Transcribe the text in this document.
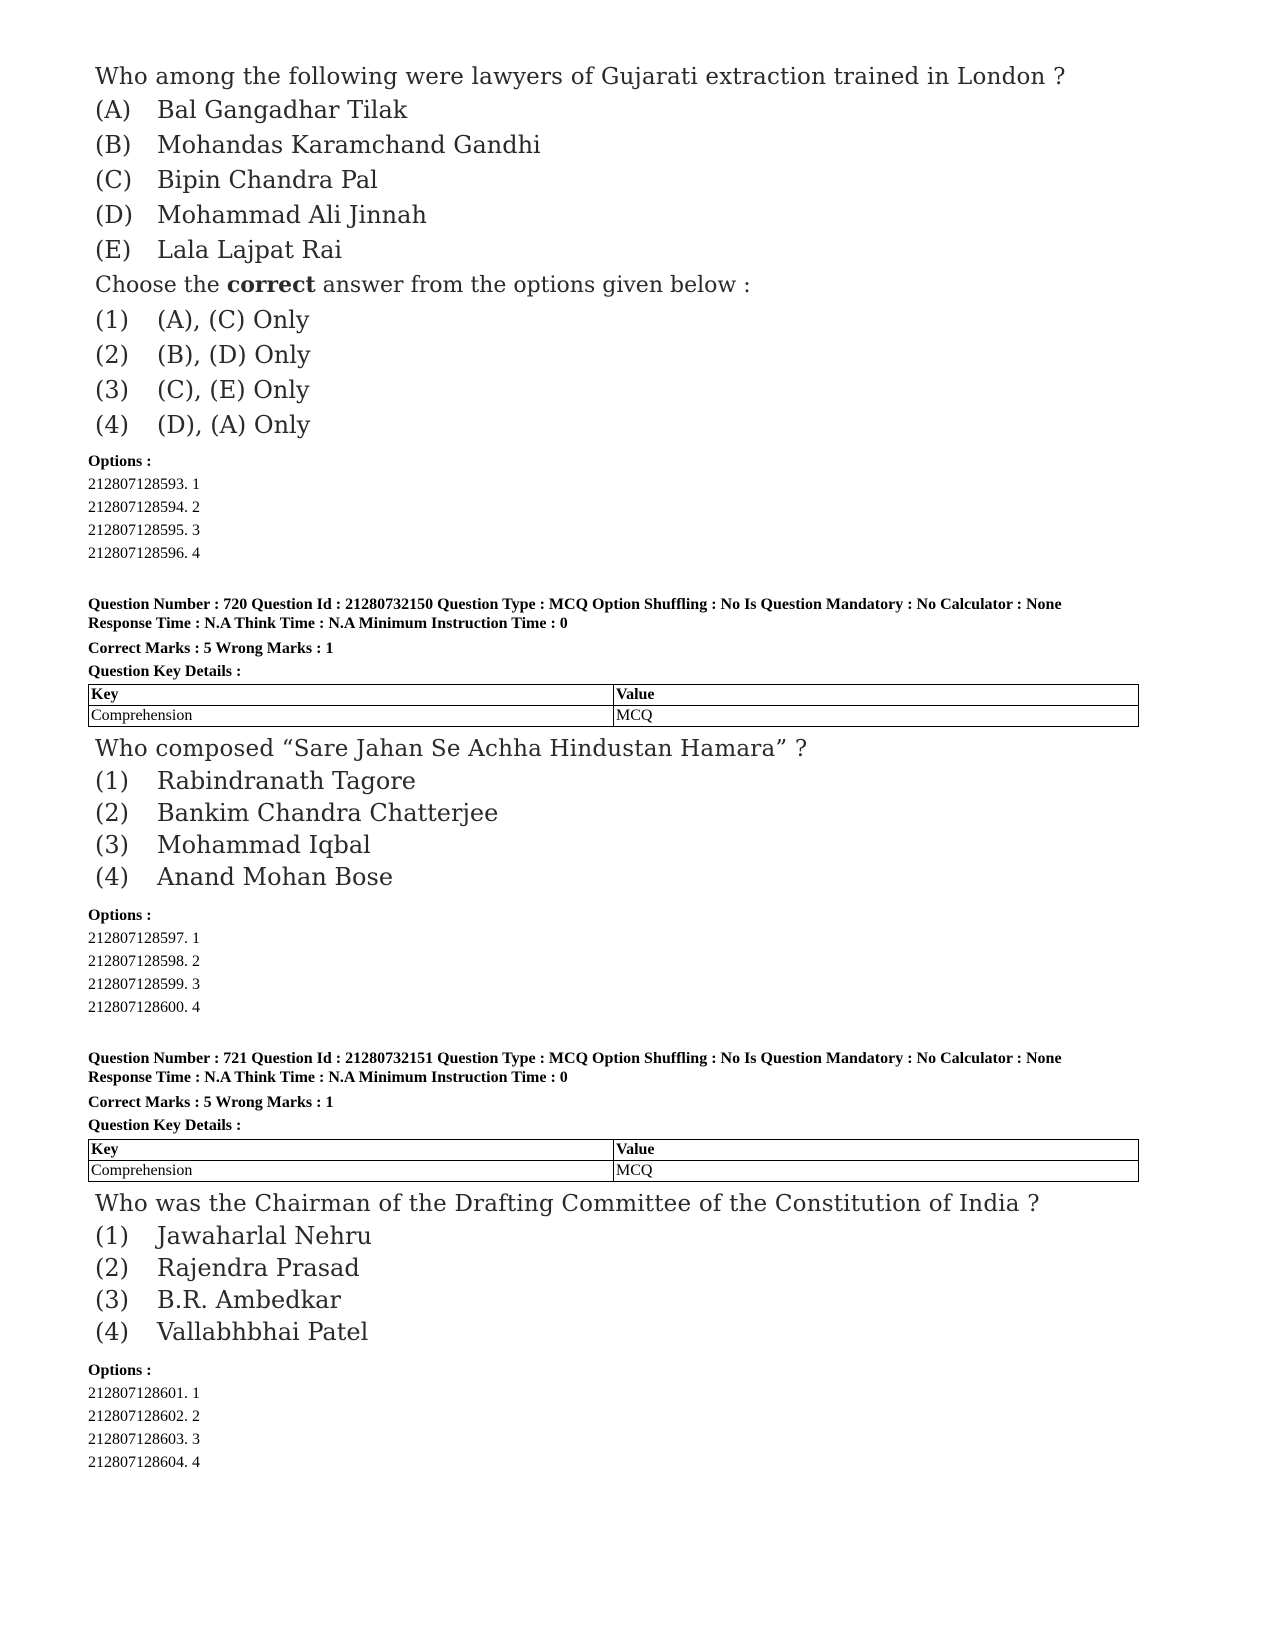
Who among the following were lawyers of Gujarati extraction trained in London ?
(A)	Bal Gangadhar Tilak
(B)	Mohandas Karamchand Gandhi
(C)	Bipin Chandra Pal
(D)	Mohammad Ali Jinnah
(E)	Lala Lajpat Rai
Choose the correct answer from the options given below :
(1)	(A), (C) Only
(2)	(B), (D) Only
(3)	(C), (E) Only
(4)	(D), (A) Only
Options :
212807128593. 1
212807128594. 2
212807128595. 3
212807128596. 4
Question Number : 720 Question Id : 21280732150 Question Type : MCQ Option Shuffling : No Is Question Mandatory : No Calculator : None
Response Time : N.A Think Time : N.A Minimum Instruction Time : 0
Correct Marks : 5 Wrong Marks : 1
Question Key Details :
Key	Value
Comprehension	MCQ
Who composed “Sare Jahan Se Achha Hindustan Hamara” ?
(1)	Rabindranath Tagore
(2)	Bankim Chandra Chatterjee
(3)	Mohammad Iqbal
(4)	Anand Mohan Bose
Options :
212807128597. 1
212807128598. 2
212807128599. 3
212807128600. 4
Question Number : 721 Question Id : 21280732151 Question Type : MCQ Option Shuffling : No Is Question Mandatory : No Calculator : None
Response Time : N.A Think Time : N.A Minimum Instruction Time : 0
Correct Marks : 5 Wrong Marks : 1
Question Key Details :
Key	Value
Comprehension	MCQ
Who was the Chairman of the Drafting Committee of the Constitution of India ?
(1)	Jawaharlal Nehru
(2)	Rajendra Prasad
(3)	B.R. Ambedkar
(4)	Vallabhbhai Patel
Options :
212807128601. 1
212807128602. 2
212807128603. 3
212807128604. 4
